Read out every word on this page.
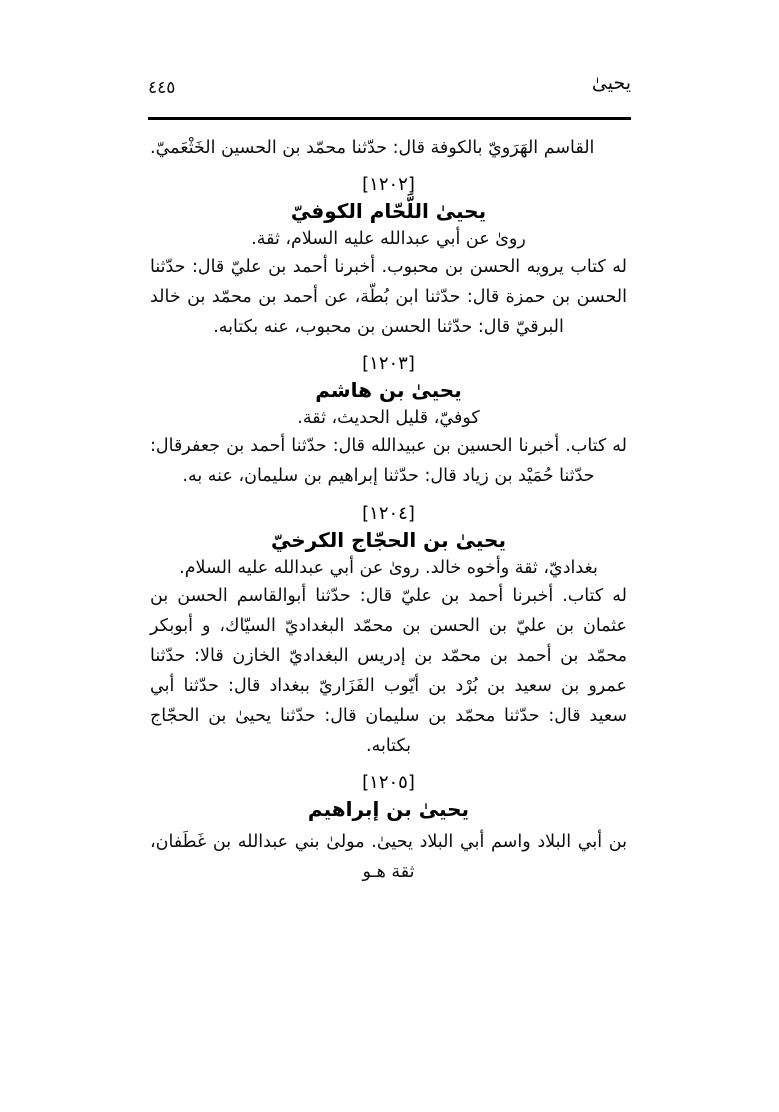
٤٤٥	يحيىٰ

القاسم الهَرَويّ بالكوفة قال: حدّثنا محمّد بن الحسين الخَثْعَميّ.

[١٢٠٢]
يحيىٰ اللَّحّام الكوفيّ
روىٰ عن أبي عبدالله عليه السلام، ثقة.

له كتاب يرويه الحسن بن محبوب. أخبرنا أحمد بن عليّ قال: حدّثنا الحسن بن حمزة قال: حدّثنا ابن بُطّة، عن أحمد بن محمّد بن خالد البرقيّ قال: حدّثنا الحسن بن محبوب، عنه بكتابه.

[١٢٠٣]
يحيىٰ بن هاشم
كوفيّ، قليل الحديث، ثقة.

له كتاب. أخبرنا الحسين بن عبيدالله قال: حدّثنا أحمد بن جعفرقال: حدّثنا حُمَيْد بن زياد قال: حدّثنا إبراهيم بن سليمان، عنه به.

[١٢٠٤]
يحيىٰ بن الحجّاج الكرخيّ
بغداديّ، ثقة وأخوه خالد. روىٰ عن أبي عبدالله عليه السلام.

له كتاب. أخبرنا أحمد بن عليّ قال: حدّثنا أبوالقاسم الحسن بن عثمان بن عليّ بن الحسن بن محمّد البغداديّ السيّاك، و أبوبكر محمّد بن أحمد بن محمّد بن إدريس البغداديّ الخازن قالا: حدّثنا عمرو بن سعيد بن بُرْد بن أيّوب الفَزَاريّ ببغداد قال: حدّثنا أبي سعيد قال: حدّثنا محمّد بن سليمان قال: حدّثنا يحيىٰ بن الحجّاج بكتابه.

[١٢٠٥]
يحيىٰ بن إبراهيم

بن أبي البلاد واسم أبي البلاد يحيىٰ. مولىٰ بني عبدالله بن غَطَفان، ثقة هـو
